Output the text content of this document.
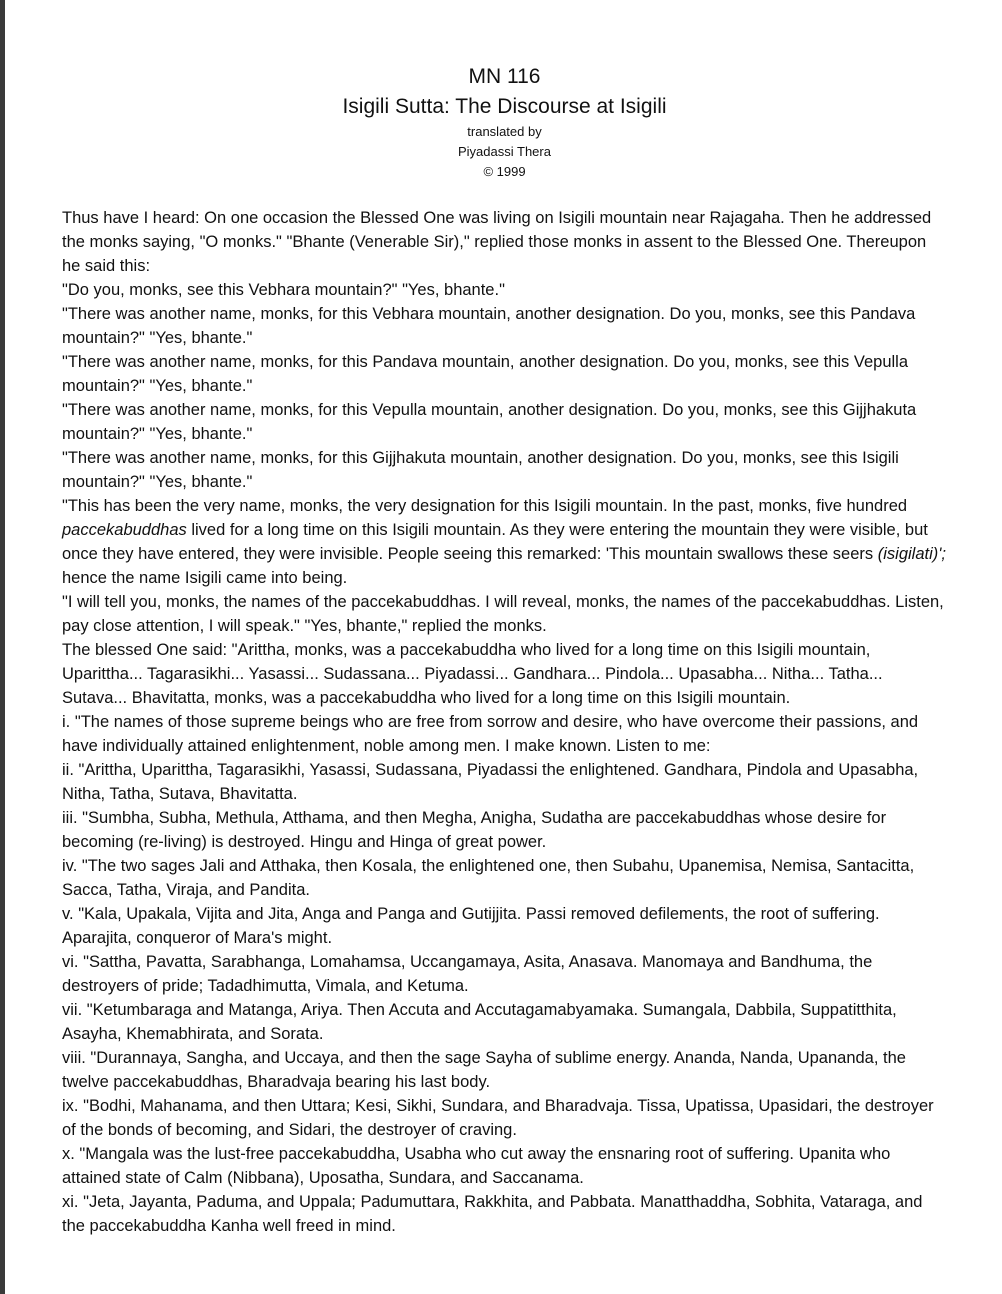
MN 116
Isigili Sutta: The Discourse at Isigili
translated by
Piyadassi Thera
© 1999

Thus have I heard: On one occasion the Blessed One was living on Isigili mountain near Rajagaha. Then he addressed the monks saying, "O monks." "Bhante (Venerable Sir)," replied those monks in assent to the Blessed One. Thereupon he said this:

"Do you, monks, see this Vebhara mountain?" "Yes, bhante."

"There was another name, monks, for this Vebhara mountain, another designation. Do you, monks, see this Pandava mountain?" "Yes, bhante."

"There was another name, monks, for this Pandava mountain, another designation. Do you, monks, see this Vepulla mountain?" "Yes, bhante."

"There was another name, monks, for this Vepulla mountain, another designation. Do you, monks, see this Gijjhakuta mountain?" "Yes, bhante."

"There was another name, monks, for this Gijjhakuta mountain, another designation. Do you, monks, see this Isigili mountain?" "Yes, bhante."

"This has been the very name, monks, the very designation for this Isigili mountain. In the past, monks, five hundred paccekabuddhas lived for a long time on this Isigili mountain. As they were entering the mountain they were visible, but once they have entered, they were invisible. People seeing this remarked: 'This mountain swallows these seers (isigilati)'; hence the name Isigili came into being.

"I will tell you, monks, the names of the paccekabuddhas. I will reveal, monks, the names of the paccekabuddhas. Listen, pay close attention, I will speak." "Yes, bhante," replied the monks.

The blessed One said: "Arittha, monks, was a paccekabuddha who lived for a long time on this Isigili mountain, Uparittha... Tagarasikhi... Yasassi... Sudassana... Piyadassi... Gandhara... Pindola... Upasabha... Nitha... Tatha... Sutava... Bhavitatta, monks, was a paccekabuddha who lived for a long time on this Isigili mountain.

i. "The names of those supreme beings who are free from sorrow and desire, who have overcome their passions, and have individually attained enlightenment, noble among men. I make known. Listen to me:

ii. "Arittha, Uparittha, Tagarasikhi, Yasassi, Sudassana, Piyadassi the enlightened. Gandhara, Pindola and Upasabha, Nitha, Tatha, Sutava, Bhavitatta.

iii. "Sumbha, Subha, Methula, Atthama, and then Megha, Anigha, Sudatha are paccekabuddhas whose desire for becoming (re-living) is destroyed. Hingu and Hinga of great power.

iv. "The two sages Jali and Atthaka, then Kosala, the enlightened one, then Subahu, Upanemisa, Nemisa, Santacitta, Sacca, Tatha, Viraja, and Pandita.

v. "Kala, Upakala, Vijita and Jita, Anga and Panga and Gutijjita. Passi removed defilements, the root of suffering. Aparajita, conqueror of Mara's might.

vi. "Sattha, Pavatta, Sarabhanga, Lomahamsa, Uccangamaya, Asita, Anasava. Manomaya and Bandhuma, the destroyers of pride; Tadadhimutta, Vimala, and Ketuma.

vii. "Ketumbaraga and Matanga, Ariya. Then Accuta and Accutagamabyamaka. Sumangala, Dabbila, Suppatitthita, Asayha, Khemabhirata, and Sorata.

viii. "Durannaya, Sangha, and Uccaya, and then the sage Sayha of sublime energy. Ananda, Nanda, Upananda, the twelve paccekabuddhas, Bharadvaja bearing his last body.

ix. "Bodhi, Mahanama, and then Uttara; Kesi, Sikhi, Sundara, and Bharadvaja. Tissa, Upatissa, Upasidari, the destroyer of the bonds of becoming, and Sidari, the destroyer of craving.

x. "Mangala was the lust-free paccekabuddha, Usabha who cut away the ensnaring root of suffering. Upanita who attained state of Calm (Nibbana), Uposatha, Sundara, and Saccanama.

xi. "Jeta, Jayanta, Paduma, and Uppala; Padumuttara, Rakkhita, and Pabbata. Manatthaddha, Sobhita, Vataraga, and the paccekabuddha Kanha well freed in mind.
